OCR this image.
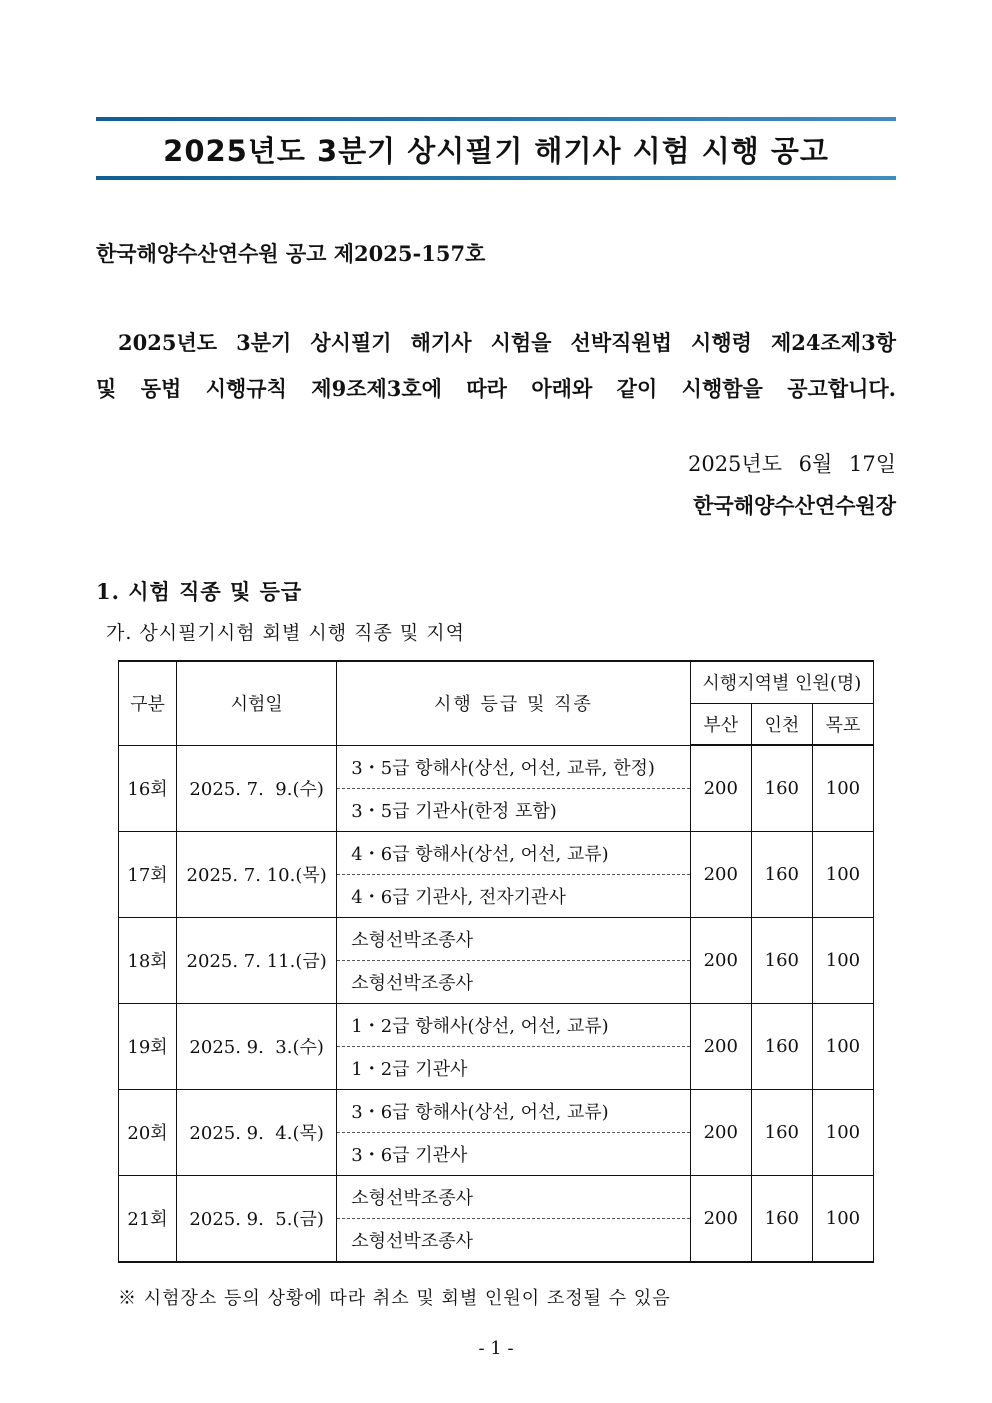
2025년도 3분기 상시필기 해기사 시험 시행 공고
한국해양수산연수원 공고 제2025-157호
2025년도 3분기 상시필기 해기사 시험을 선박직원법 시행령 제24조제3항
및 동법 시행규칙 제9조제3호에 따라 아래와 같이 시행함을 공고합니다.
2025년도 6월 17일
한국해양수산연수원장
1. 시험 직종 및 등급
가. 상시필기시험 회별 시행 직종 및 지역
구분	시험일	시행 등급 및 직종	시행지역별 인원(명)		
			부산	인천	목포
16회	2025. 7.  9.(수)	3・5급 항해사(상선, 어선, 교류, 한정)	200	160	100
		3・5급 기관사(한정 포함)			
17회	2025. 7. 10.(목)	4・6급 항해사(상선, 어선, 교류)	200	160	100
		4・6급 기관사, 전자기관사			
18회	2025. 7. 11.(금)	소형선박조종사	200	160	100
		소형선박조종사			
19회	2025. 9.  3.(수)	1・2급 항해사(상선, 어선, 교류)	200	160	100
		1・2급 기관사			
20회	2025. 9.  4.(목)	3・6급 항해사(상선, 어선, 교류)	200	160	100
		3・6급 기관사			
21회	2025. 9.  5.(금)	소형선박조종사	200	160	100
		소형선박조종사			
※ 시험장소 등의 상황에 따라 취소 및 회별 인원이 조정될 수 있음
- 1 -
